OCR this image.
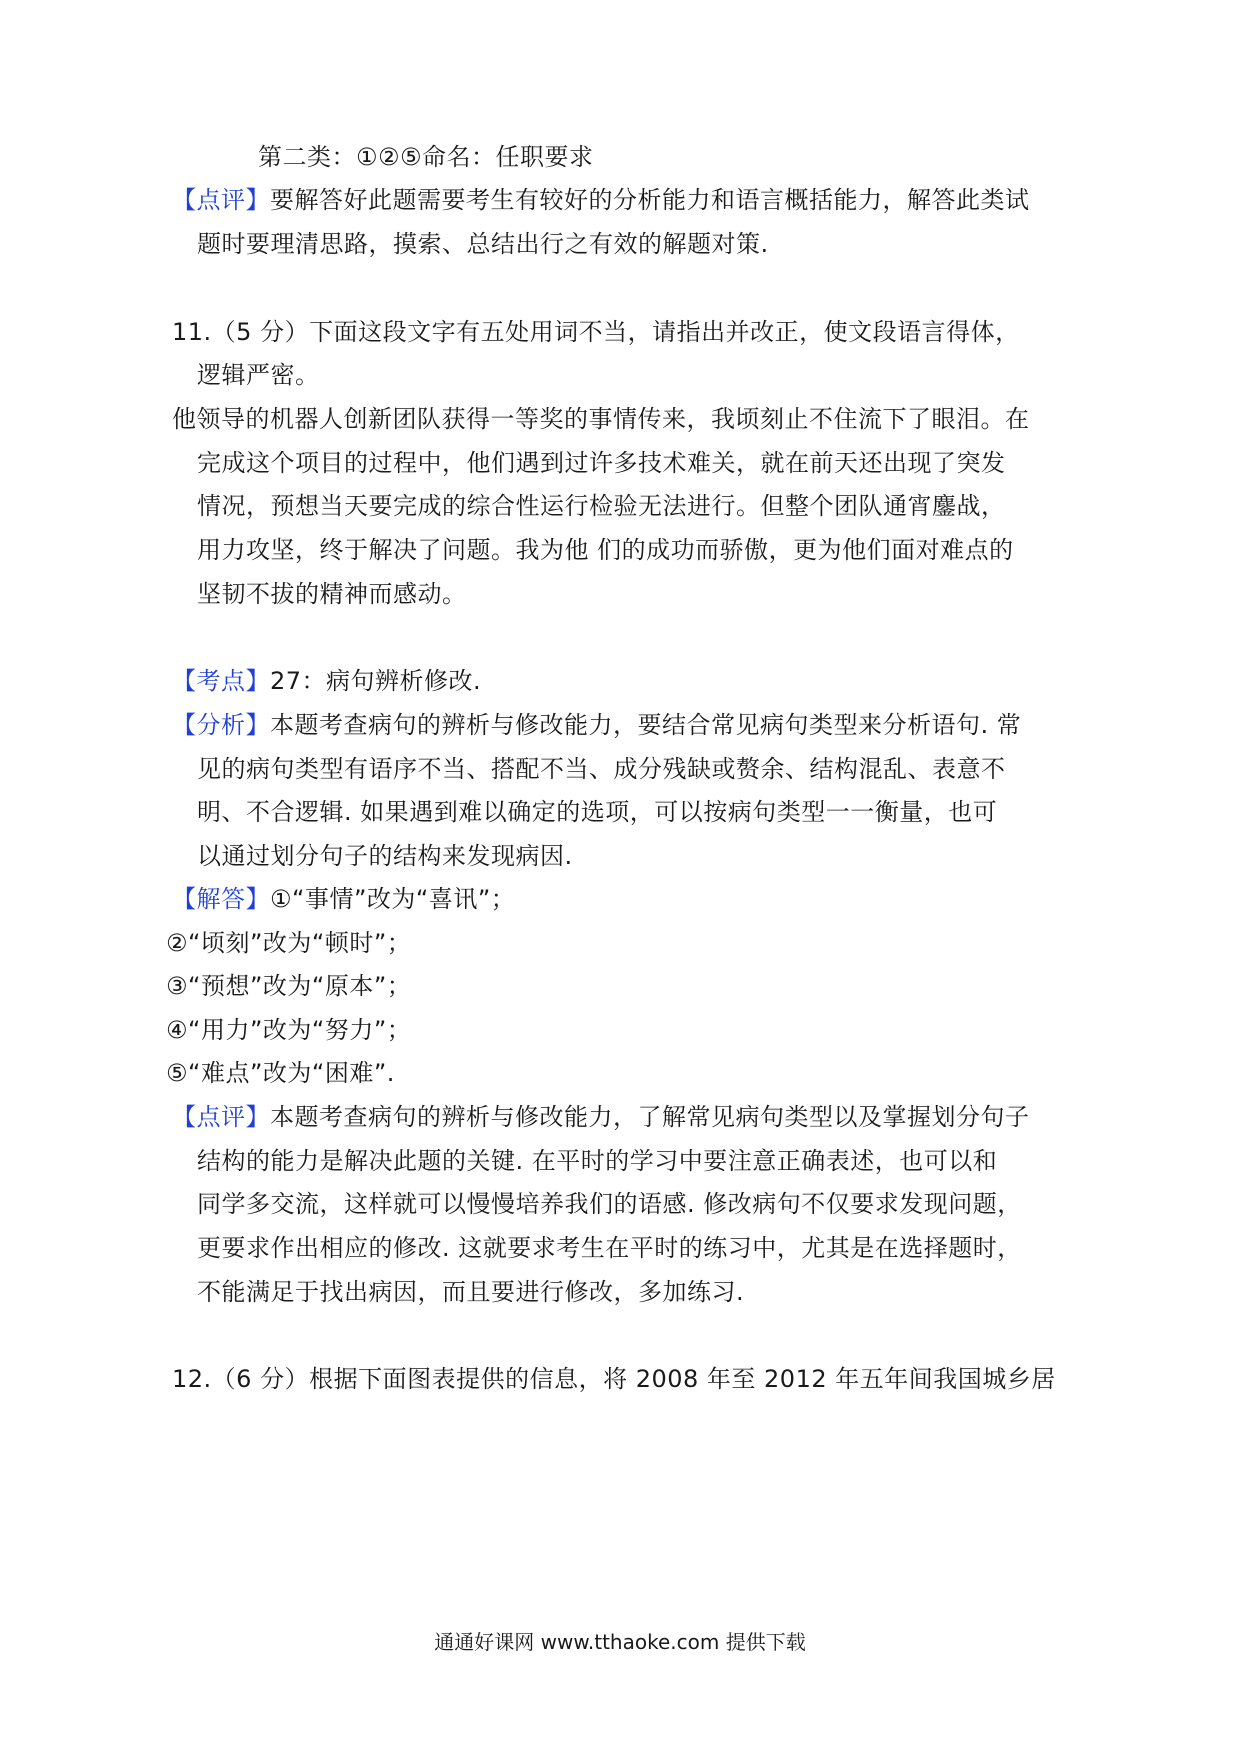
第二类：①②⑤命名：任职要求
【点评】要解答好此题需要考生有较好的分析能力和语言概括能力，解答此类试
题时要理清思路，摸索、总结出行之有效的解题对策.
11.（5 分）下面这段文字有五处用词不当，请指出并改正，使文段语言得体，
逻辑严密。
他领导的机器人创新团队获得一等奖的事情传来，我顷刻止不住流下了眼泪。在
完成这个项目的过程中，他们遇到过许多技术难关，就在前天还出现了突发
情况，预想当天要完成的综合性运行检验无法进行。但整个团队通宵鏖战，
用力攻坚，终于解决了问题。我为他 们的成功而骄傲，更为他们面对难点的
坚韧不拔的精神而感动。
【考点】27：病句辨析修改.
【分析】本题考查病句的辨析与修改能力，要结合常见病句类型来分析语句. 常
见的病句类型有语序不当、搭配不当、成分残缺或赘余、结构混乱、表意不
明、不合逻辑. 如果遇到难以确定的选项，可以按病句类型一一衡量，也可
以通过划分句子的结构来发现病因.
【解答】①“事情”改为“喜讯”；
②“顷刻”改为“顿时”；
③“预想”改为“原本”；
④“用力”改为“努力”；
⑤“难点”改为“困难”.
【点评】本题考查病句的辨析与修改能力，了解常见病句类型以及掌握划分句子
结构的能力是解决此题的关键. 在平时的学习中要注意正确表述，也可以和
同学多交流，这样就可以慢慢培养我们的语感. 修改病句不仅要求发现问题，
更要求作出相应的修改. 这就要求考生在平时的练习中，尤其是在选择题时，
不能满足于找出病因，而且要进行修改，多加练习.
12.（6 分）根据下面图表提供的信息，将 2008 年至 2012 年五年间我国城乡居
通通好课网 www.tthaoke.com 提供下载
